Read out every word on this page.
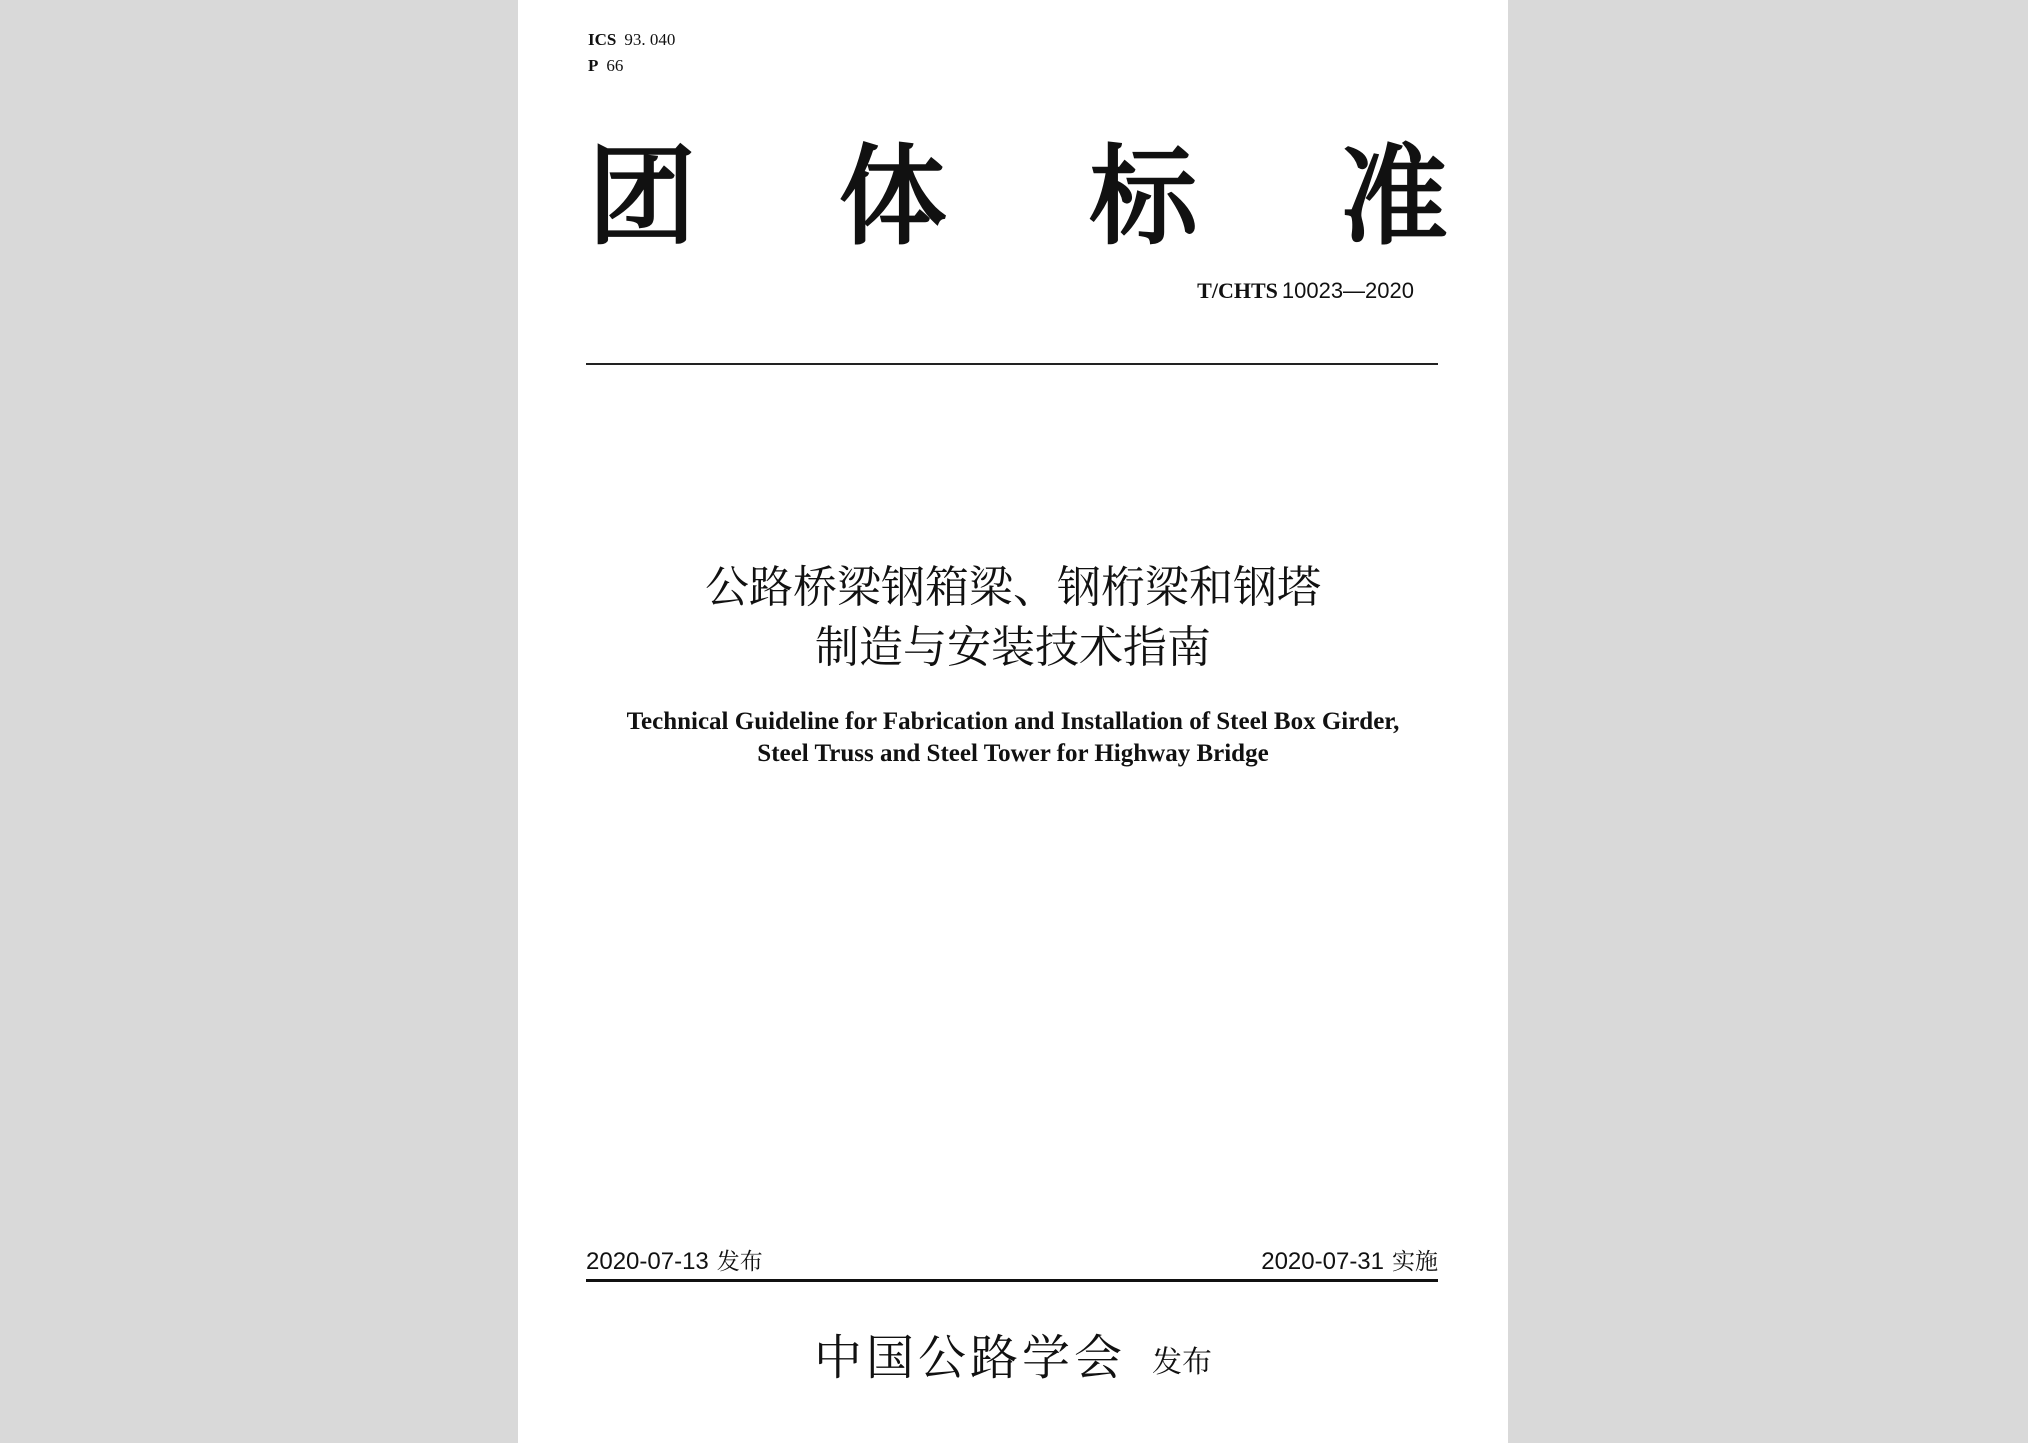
ICS 93. 040
P 66
团 体 标 准
T/CHTS 10023—2020
公路桥梁钢箱梁、钢桁梁和钢塔
制造与安装技术指南
Technical Guideline for Fabrication and Installation of Steel Box Girder,
Steel Truss and Steel Tower for Highway Bridge
2020-07-13 发布	2020-07-31 实施
中国公路学会 发布
